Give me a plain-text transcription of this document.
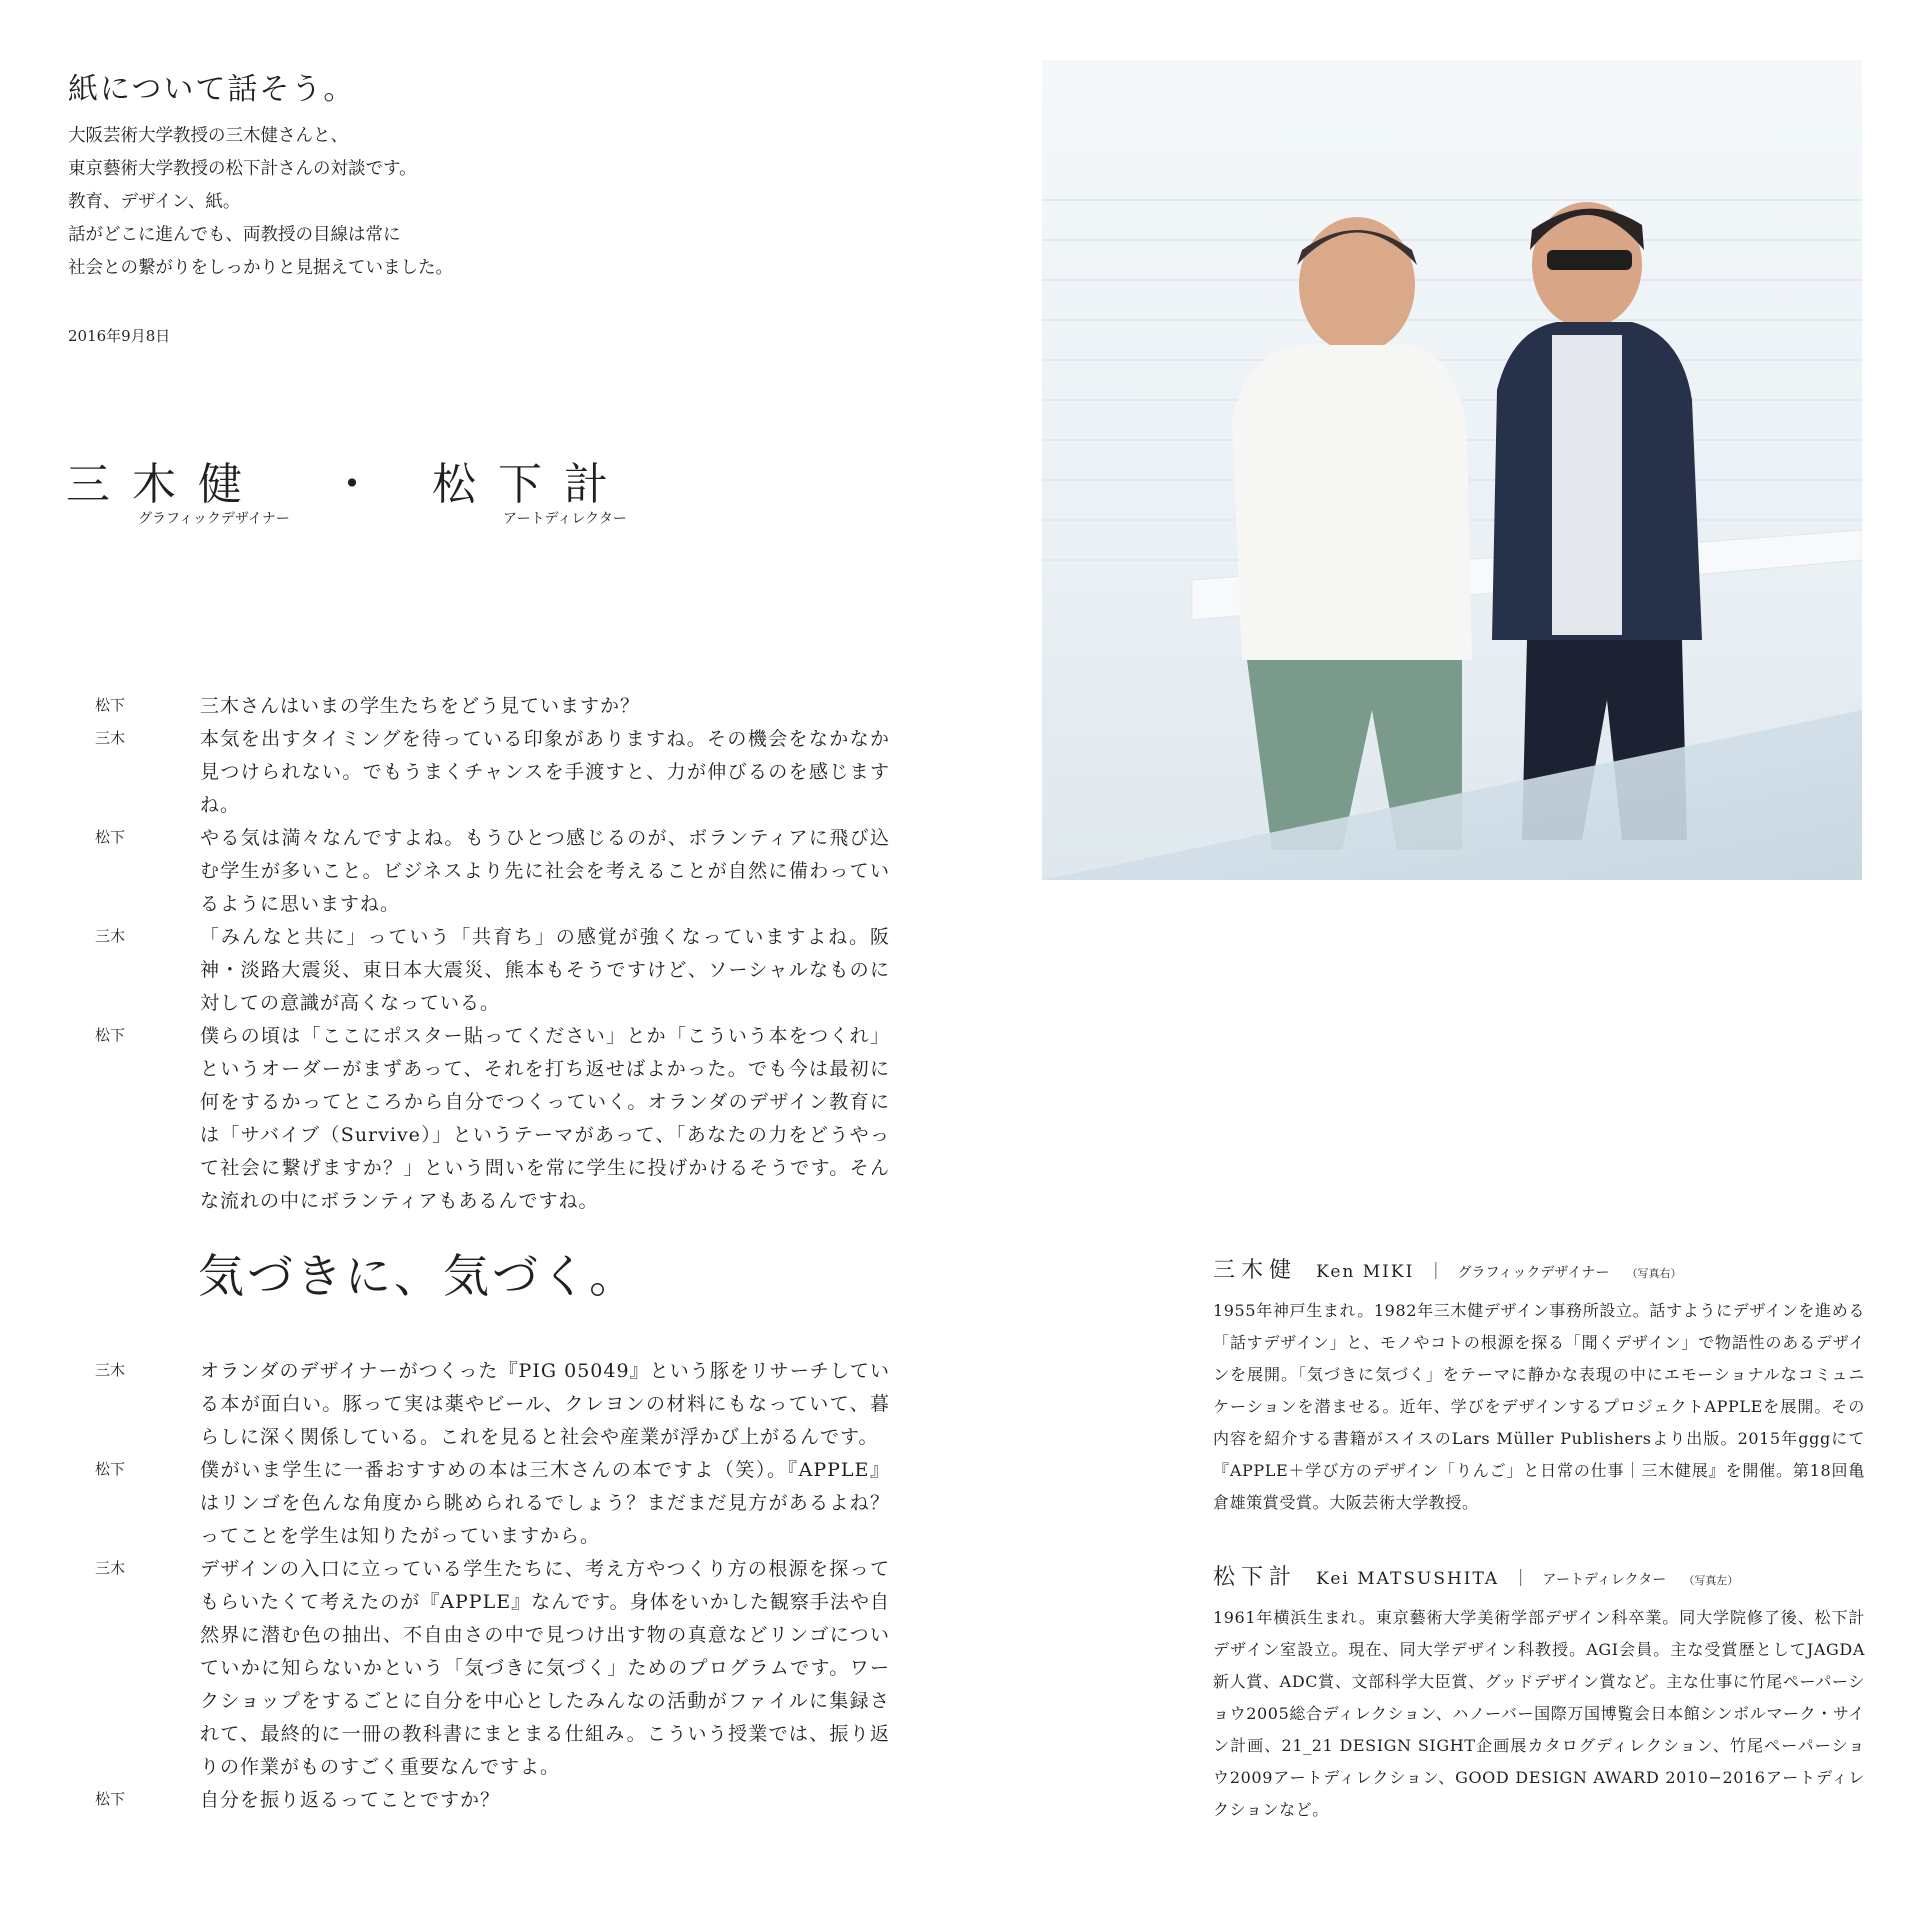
紙について話そう。
大阪芸術大学教授の三木健さんと、
東京藝術大学教授の松下計さんの対談です。
教育、デザイン、紙。
話がどこに進んでも、両教授の目線は常に
社会との繋がりをしっかりと見据えていました。
2016年9月8日
三木健 ・ 松下計
グラフィックデザイナー	アートディレクター
松下	三木さんはいまの学生たちをどう見ていますか？
三木	本気を出すタイミングを待っている印象がありますね。その機会をなかなか見つけられない。でもうまくチャンスを手渡すと、力が伸びるのを感じますね。
松下	やる気は満々なんですよね。もうひとつ感じるのが、ボランティアに飛び込む学生が多いこと。ビジネスより先に社会を考えることが自然に備わっているように思いますね。
三木	「みんなと共に」っていう「共育ち」の感覚が強くなっていますよね。阪神・淡路大震災、東日本大震災、熊本もそうですけど、ソーシャルなものに対しての意識が高くなっている。
松下	僕らの頃は「ここにポスター貼ってください」とか「こういう本をつくれ」というオーダーがまずあって、それを打ち返せばよかった。でも今は最初に何をするかってところから自分でつくっていく。オランダのデザイン教育には「サバイブ（Survive）」というテーマがあって、「あなたの力をどうやって社会に繋げますか？」という問いを常に学生に投げかけるそうです。そんな流れの中にボランティアもあるんですね。
気づきに、気づく。
三木	オランダのデザイナーがつくった『PIG 05049』という豚をリサーチしている本が面白い。豚って実は薬やビール、クレヨンの材料にもなっていて、暮らしに深く関係している。これを見ると社会や産業が浮かび上がるんです。
松下	僕がいま学生に一番おすすめの本は三木さんの本ですよ（笑）。『APPLE』はリンゴを色んな角度から眺められるでしょう？まだまだ見方があるよね？ってことを学生は知りたがっていますから。
三木	デザインの入口に立っている学生たちに、考え方やつくり方の根源を探ってもらいたくて考えたのが『APPLE』なんです。身体をいかした観察手法や自然界に潜む色の抽出、不自由さの中で見つけ出す物の真意などリンゴについていかに知らないかという「気づきに気づく」ためのプログラムです。ワークショップをするごとに自分を中心としたみんなの活動がファイルに集録されて、最終的に一冊の教科書にまとまる仕組み。こういう授業では、振り返りの作業がものすごく重要なんですよ。
松下	自分を振り返るってことですか？
三木健 Ken MIKI ｜ グラフィックデザイナー （写真右）
1955年神戸生まれ。1982年三木健デザイン事務所設立。話すようにデザインを進める「話すデザイン」と、モノやコトの根源を探る「聞くデザイン」で物語性のあるデザインを展開。「気づきに気づく」をテーマに静かな表現の中にエモーショナルなコミュニケーションを潜ませる。近年、学びをデザインするプロジェクトAPPLEを展開。その内容を紹介する書籍がスイスのLars Müller Publishersより出版。2015年gggにて『APPLE＋学び方のデザイン「りんご」と日常の仕事｜三木健展』を開催。第18回亀倉雄策賞受賞。大阪芸術大学教授。
松下計 Kei MATSUSHITA ｜ アートディレクター （写真左）
1961年横浜生まれ。東京藝術大学美術学部デザイン科卒業。同大学院修了後、松下計デザイン室設立。現在、同大学デザイン科教授。AGI会員。主な受賞歴としてJAGDA新人賞、ADC賞、文部科学大臣賞、グッドデザイン賞など。主な仕事に竹尾ペーパーショウ2005総合ディレクション、ハノーバー国際万国博覧会日本館シンボルマーク・サイン計画、21_21 DESIGN SIGHT企画展カタログディレクション、竹尾ペーパーショウ2009アートディレクション、GOOD DESIGN AWARD 2010−2016アートディレクションなど。
